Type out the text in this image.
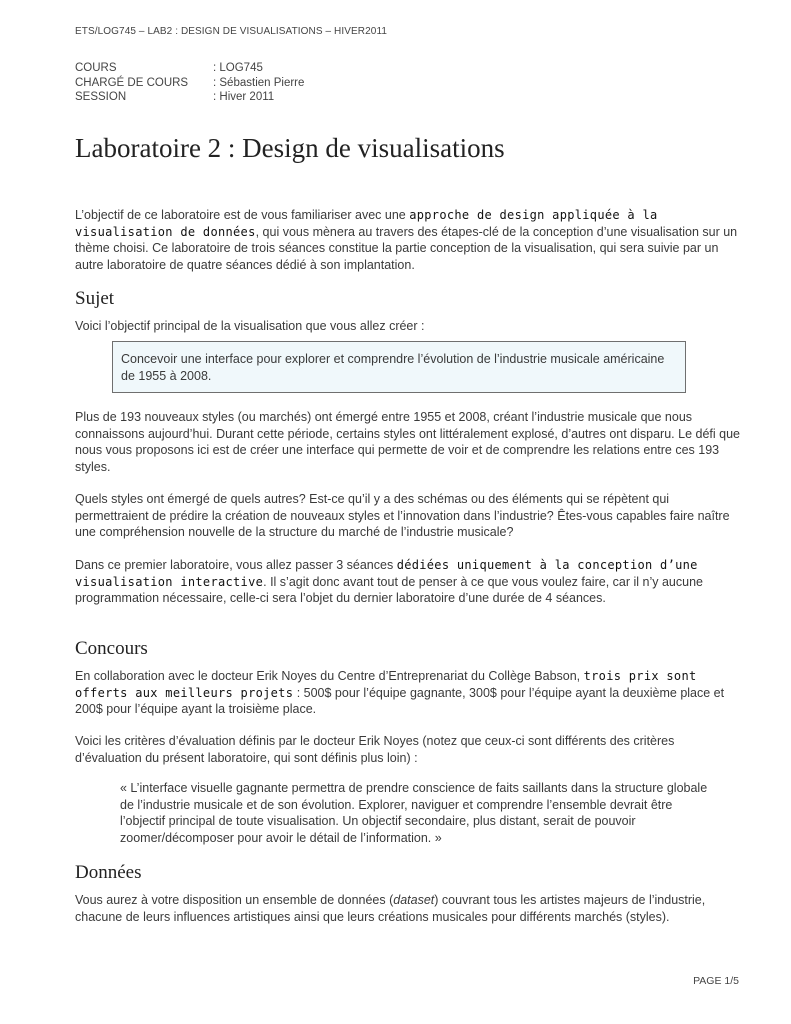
ETS/LOG745 – LAB2 : DESIGN DE VISUALISATIONS – HIVER2011
COURS	: LOG745
CHARGÉ DE COURS	: Sébastien Pierre
SESSION	: Hiver 2011
Laboratoire 2 : Design de visualisations

L’objectif de ce laboratoire est de vous familiariser avec une approche de design appliquée à la visualisation de données, qui vous mènera au travers des étapes-clé de la conception d’une visualisation sur un thème choisi. Ce laboratoire de trois séances constitue la partie conception de la visualisation, qui sera suivie par un autre laboratoire de quatre séances dédié à son implantation.

Sujet

Voici l’objectif principal de la visualisation que vous allez créer :

Concevoir une interface pour explorer et comprendre l’évolution de l’industrie musicale américaine de 1955 à 2008.

Plus de 193 nouveaux styles (ou marchés) ont émergé entre 1955 et 2008, créant l’industrie musicale que nous connaissons aujourd’hui. Durant cette période, certains styles ont littéralement explosé, d’autres ont disparu. Le défi que nous vous proposons ici est de créer une interface qui permette de voir et de comprendre les relations entre ces 193 styles.

Quels styles ont émergé de quels autres? Est-ce qu’il y a des schémas ou des éléments qui se répètent qui permettraient de prédire la création de nouveaux styles et l’innovation dans l’industrie? Êtes-vous capables faire naître une compréhension nouvelle de la structure du marché de l’industrie musicale?

Dans ce premier laboratoire, vous allez passer 3 séances dédiées uniquement à la conception d’une visualisation interactive. Il s’agit donc avant tout de penser à ce que vous voulez faire, car il n’y aucune programmation nécessaire, celle-ci sera l’objet du dernier laboratoire d’une durée de 4 séances.

Concours

En collaboration avec le docteur Erik Noyes du Centre d’Entreprenariat du Collège Babson, trois prix sont offerts aux meilleurs projets : 500$ pour l’équipe gagnante, 300$ pour l’équipe ayant la deuxième place et 200$ pour l’équipe ayant la troisième place.

Voici les critères d’évaluation définis par le docteur Erik Noyes (notez que ceux-ci sont différents des critères d’évaluation du présent laboratoire, qui sont définis plus loin) :

« L’interface visuelle gagnante permettra de prendre conscience de faits saillants dans la structure globale de l’industrie musicale et de son évolution. Explorer, naviguer et comprendre l’ensemble devrait être l’objectif principal de toute visualisation. Un objectif secondaire, plus distant, serait de pouvoir zoomer/décomposer pour avoir le détail de l’information. »

Données

Vous aurez à votre disposition un ensemble de données (dataset) couvrant tous les artistes majeurs de l’industrie, chacune de leurs influences artistiques ainsi que leurs créations musicales pour différents marchés (styles).

PAGE 1/5
